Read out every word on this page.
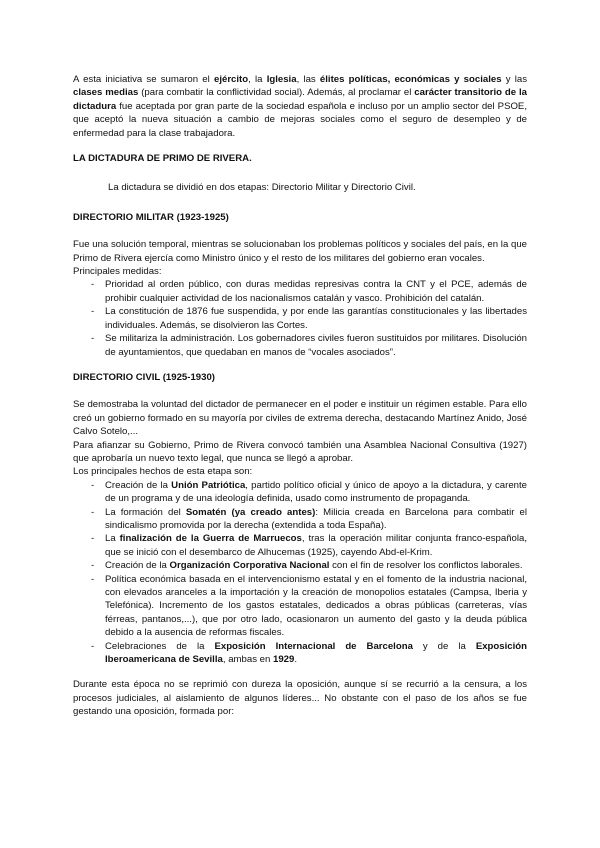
A esta iniciativa se sumaron el ejército, la Iglesia, las élites políticas, económicas y sociales y las clases medias (para combatir la conflictividad social). Además, al proclamar el carácter transitorio de la dictadura fue aceptada por gran parte de la sociedad española e incluso por un amplio sector del PSOE, que aceptó la nueva situación a cambio de mejoras sociales como el seguro de desempleo y de enfermedad para la clase trabajadora.

LA DICTADURA DE PRIMO DE RIVERA.

La dictadura se dividió en dos etapas: Directorio Militar y Directorio Civil.

DIRECTORIO MILITAR (1923-1925)

Fue una solución temporal, mientras se solucionaban los problemas políticos y sociales del país, en la que Primo de Rivera ejercía como Ministro único y el resto de los militares del gobierno eran vocales.

Principales medidas:

- Prioridad al orden público, con duras medidas represivas contra la CNT y el PCE, además de prohibir cualquier actividad de los nacionalismos catalán y vasco. Prohibición del catalán.
- La constitución de 1876 fue suspendida, y por ende las garantías constitucionales y las libertades individuales. Además, se disolvieron las Cortes.
- Se militariza la administración. Los gobernadores civiles fueron sustituidos por militares. Disolución de ayuntamientos, que quedaban en manos de “vocales asociados”.

DIRECTORIO CIVIL (1925-1930)

Se demostraba la voluntad del dictador de permanecer en el poder e instituir un régimen estable. Para ello creó un gobierno formado en su mayoría por civiles de extrema derecha, destacando Martínez Anido, José Calvo Sotelo,...

Para afianzar su Gobierno, Primo de Rivera convocó también una Asamblea Nacional Consultiva (1927) que aprobaría un nuevo texto legal, que nunca se llegó a aprobar.

Los principales hechos de esta etapa son:

- Creación de la Unión Patriótica, partido político oficial y único de apoyo a la dictadura, y carente de un programa y de una ideología definida, usado como instrumento de propaganda.
- La formación del Somatén (ya creado antes): Milicia creada en Barcelona para combatir el sindicalismo promovida por la derecha (extendida a toda España).
- La finalización de la Guerra de Marruecos, tras la operación militar conjunta franco-española, que se inició con el desembarco de Alhucemas (1925), cayendo Abd-el-Krim.
- Creación de la Organización Corporativa Nacional con el fin de resolver los conflictos laborales.
- Política económica basada en el intervencionismo estatal y en el fomento de la industria nacional, con elevados aranceles a la importación y la creación de monopolios estatales (Campsa, Iberia y Telefónica). Incremento de los gastos estatales, dedicados a obras públicas (carreteras, vías férreas, pantanos,...), que por otro lado, ocasionaron un aumento del gasto y la deuda pública debido a la ausencia de reformas fiscales.
- Celebraciones de la Exposición Internacional de Barcelona y de la Exposición Iberoamericana de Sevilla, ambas en 1929.

Durante esta época no se reprimió con dureza la oposición, aunque sí se recurrió a la censura, a los procesos judiciales, al aislamiento de algunos líderes... No obstante con el paso de los años se fue gestando una oposición, formada por:
